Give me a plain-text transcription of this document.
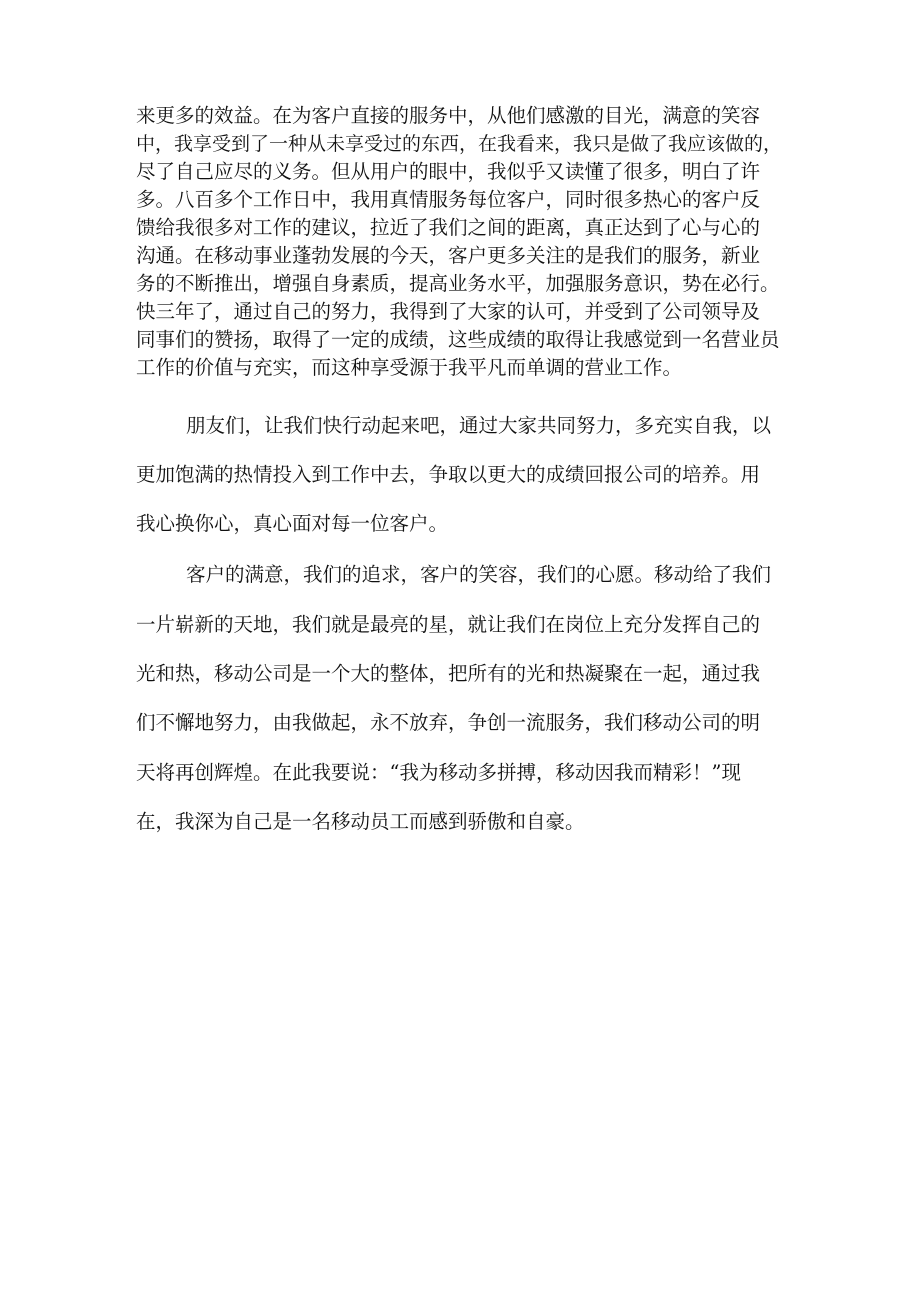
来更多的效益。在为客户直接的服务中，从他们感激的目光，满意的笑容
中，我享受到了一种从未享受过的东西，在我看来，我只是做了我应该做的，
尽了自己应尽的义务。但从用户的眼中，我似乎又读懂了很多，明白了许
多。八百多个工作日中，我用真情服务每位客户，同时很多热心的客户反
馈给我很多对工作的建议，拉近了我们之间的距离，真正达到了心与心的
沟通。在移动事业蓬勃发展的今天，客户更多关注的是我们的服务，新业
务的不断推出，增强自身素质，提高业务水平，加强服务意识，势在必行。
快三年了，通过自己的努力，我得到了大家的认可，并受到了公司领导及
同事们的赞扬，取得了一定的成绩，这些成绩的取得让我感觉到一名营业员
工作的价值与充实，而这种享受源于我平凡而单调的营业工作。
朋友们，让我们快行动起来吧，通过大家共同努力，多充实自我，以
更加饱满的热情投入到工作中去，争取以更大的成绩回报公司的培养。用
我心换你心，真心面对每一位客户。
客户的满意，我们的追求，客户的笑容，我们的心愿。移动给了我们
一片崭新的天地，我们就是最亮的星，就让我们在岗位上充分发挥自己的
光和热，移动公司是一个大的整体，把所有的光和热凝聚在一起，通过我
们不懈地努力，由我做起，永不放弃，争创一流服务，我们移动公司的明
天将再创辉煌。在此我要说：“我为移动多拼搏，移动因我而精彩！”现
在，我深为自己是一名移动员工而感到骄傲和自豪。
